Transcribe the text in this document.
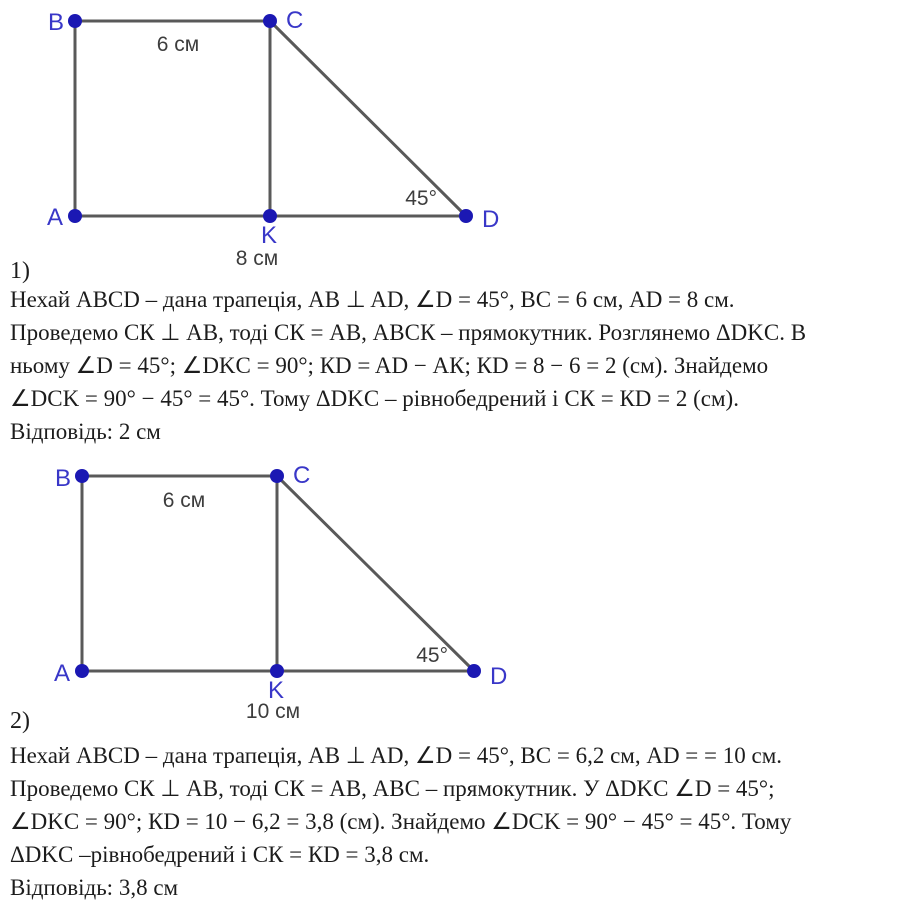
B	C
A
K
D
6 см
45°
8 см
1)
Нехай ABCD – дана трапеція, AB ⊥ AD, ∠D = 45°, BC = 6 см, AD = 8 см.
Проведемо СК ⊥ АВ, тоді СК = АВ, АВСК – прямокутник. Розглянемо ΔDKC. В
ньому ∠D = 45°; ∠DKC = 90°; КD = AD − АК; КD = 8 − 6 = 2 (см). Знайдемо
∠DCK = 90° − 45° = 45°. Тому ΔDKC – рівнобедрений і СК = КD = 2 (см).
Відповідь: 2 см
B	C
A
K
D
6 см
45°
10 см
2)
Нехай ABCD – дана трапеція, AB ⊥ AD, ∠D = 45°, BC = 6,2 см, AD = = 10 см.
Проведемо СК ⊥ АВ, тоді СК = АВ, АВС – прямокутник. У ΔDKC ∠D = 45°;
∠DKC = 90°; КD = 10 − 6,2 = 3,8 (см). Знайдемо ∠DCK = 90° − 45° = 45°. Тому
ΔDKC –рівнобедрений і СК = КD = 3,8 см.
Відповідь: 3,8 см
